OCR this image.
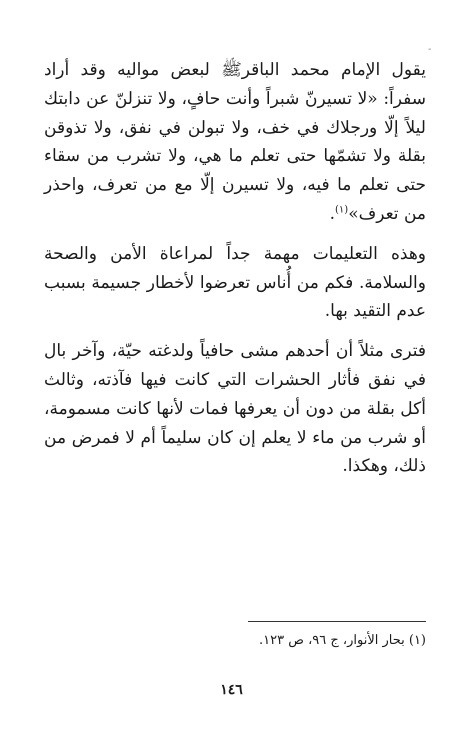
-

يقول الإمام محمد الباقرﷺ لبعض مواليه وقد أراد سفراً: «لا تسيرنّ شبراً وأنت حافٍ، ولا تنزلنّ عن دابتك ليلاً إلّا ورجلاك في خف، ولا تبولن في نفق، ولا تذوقن بقلة ولا تشمّها حتى تعلم ما هي، ولا تشرب من سقاء حتى تعلم ما فيه، ولا تسيرن إلّا مع من تعرف، واحذر من تعرف»$^{(١)}$.

وهذه التعليمات مهمة جداً لمراعاة الأمن والصحة والسلامة. فكم من أُناس تعرضوا لأخطار جسيمة بسبب عدم التقيد بها.

فترى مثلاً أن أحدهم مشى حافياً ولدغته حيّة، وآخر بال في نفق فأثار الحشرات التي كانت فيها فآذته، وثالث أكل بقلة من دون أن يعرفها فمات لأنها كانت مسمومة، أو شرب من ماء لا يعلم إن كان سليماً أم لا فمرض من ذلك، وهكذا.

(١) بحار الأنوار، ج ٩٦، ص ١٢٣.
١٤٦
